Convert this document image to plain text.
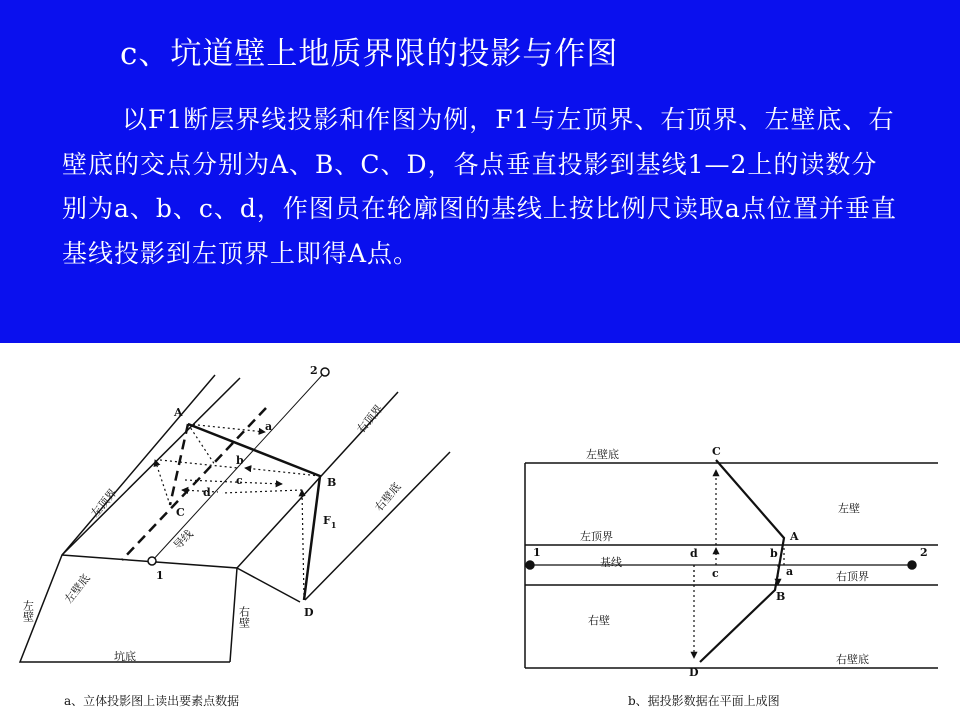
c、坑道壁上地质界限的投影与作图

以F1断层界线投影和作图为例，F1与左顶界、右顶界、左壁底、右壁底的交点分别为A、B、C、D，各点垂直投影到基线1—2上的读数分别为a、b、c、d，作图员在轮廓图的基线上按比例尺读取a点位置并垂直基线投影到左顶界上即得A点。

A
B
C
D
a
b
c
d
1
2
$F_1$
右顶界
右壁底
左顶界
左壁底
导线
左壁	右壁
坑底
a、立体投影图上读出要素点数据
左壁底
左壁
左顶界
基线
右顶界
右壁
右壁底
A
B
C
D
a
b
c
d
1	2
b、据投影数据在平面上成图
